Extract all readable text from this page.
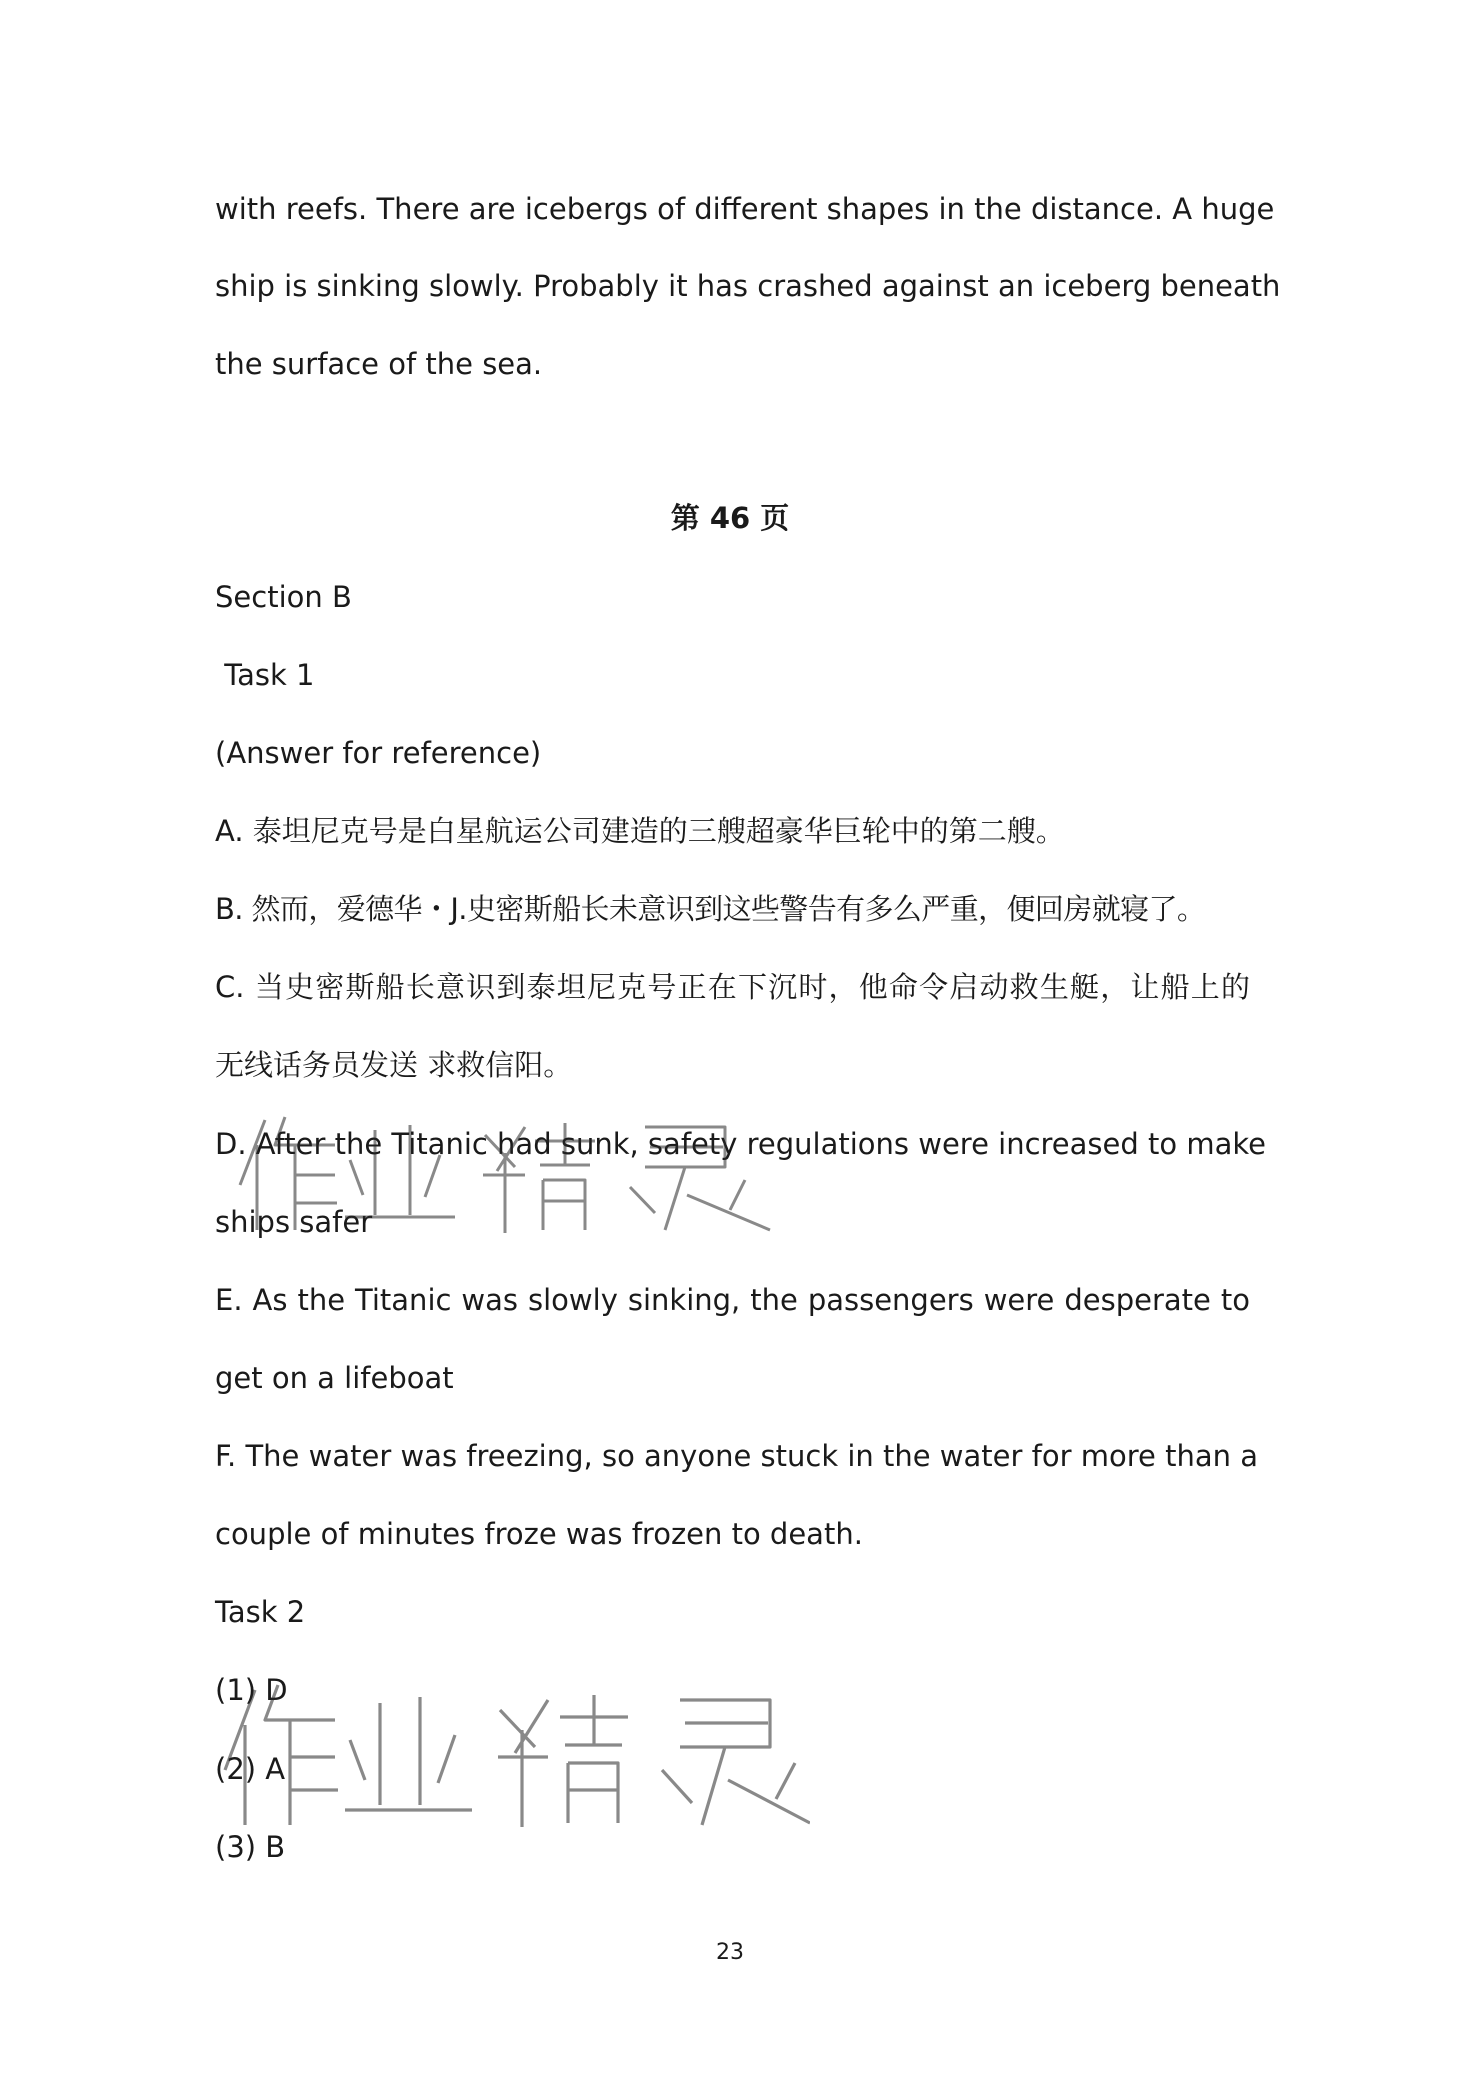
with reefs. There are icebergs of different shapes in the distance. A huge
ship is sinking slowly. Probably it has crashed against an iceberg beneath
the surface of the sea.
第 46 页
Section B
Task 1
(Answer for reference)
A. 泰坦尼克号是白星航运公司建造的三艘超豪华巨轮中的第二艘。
B. 然而，爱德华・J.史密斯船长未意识到这些警告有多么严重，便回房就寝了。
C. 当史密斯船长意识到泰坦尼克号正在下沉时，他命令启动救生艇，让船上的
无线话务员发送 求救信阳。
D. After the Titanic had sunk, safety regulations were increased to make
ships safer
E. As the Titanic was slowly sinking, the passengers were desperate to
get on a lifeboat
F. The water was freezing, so anyone stuck in the water for more than a
couple of minutes froze was frozen to death.
Task 2
(1) D
(2) A
(3) B
23
